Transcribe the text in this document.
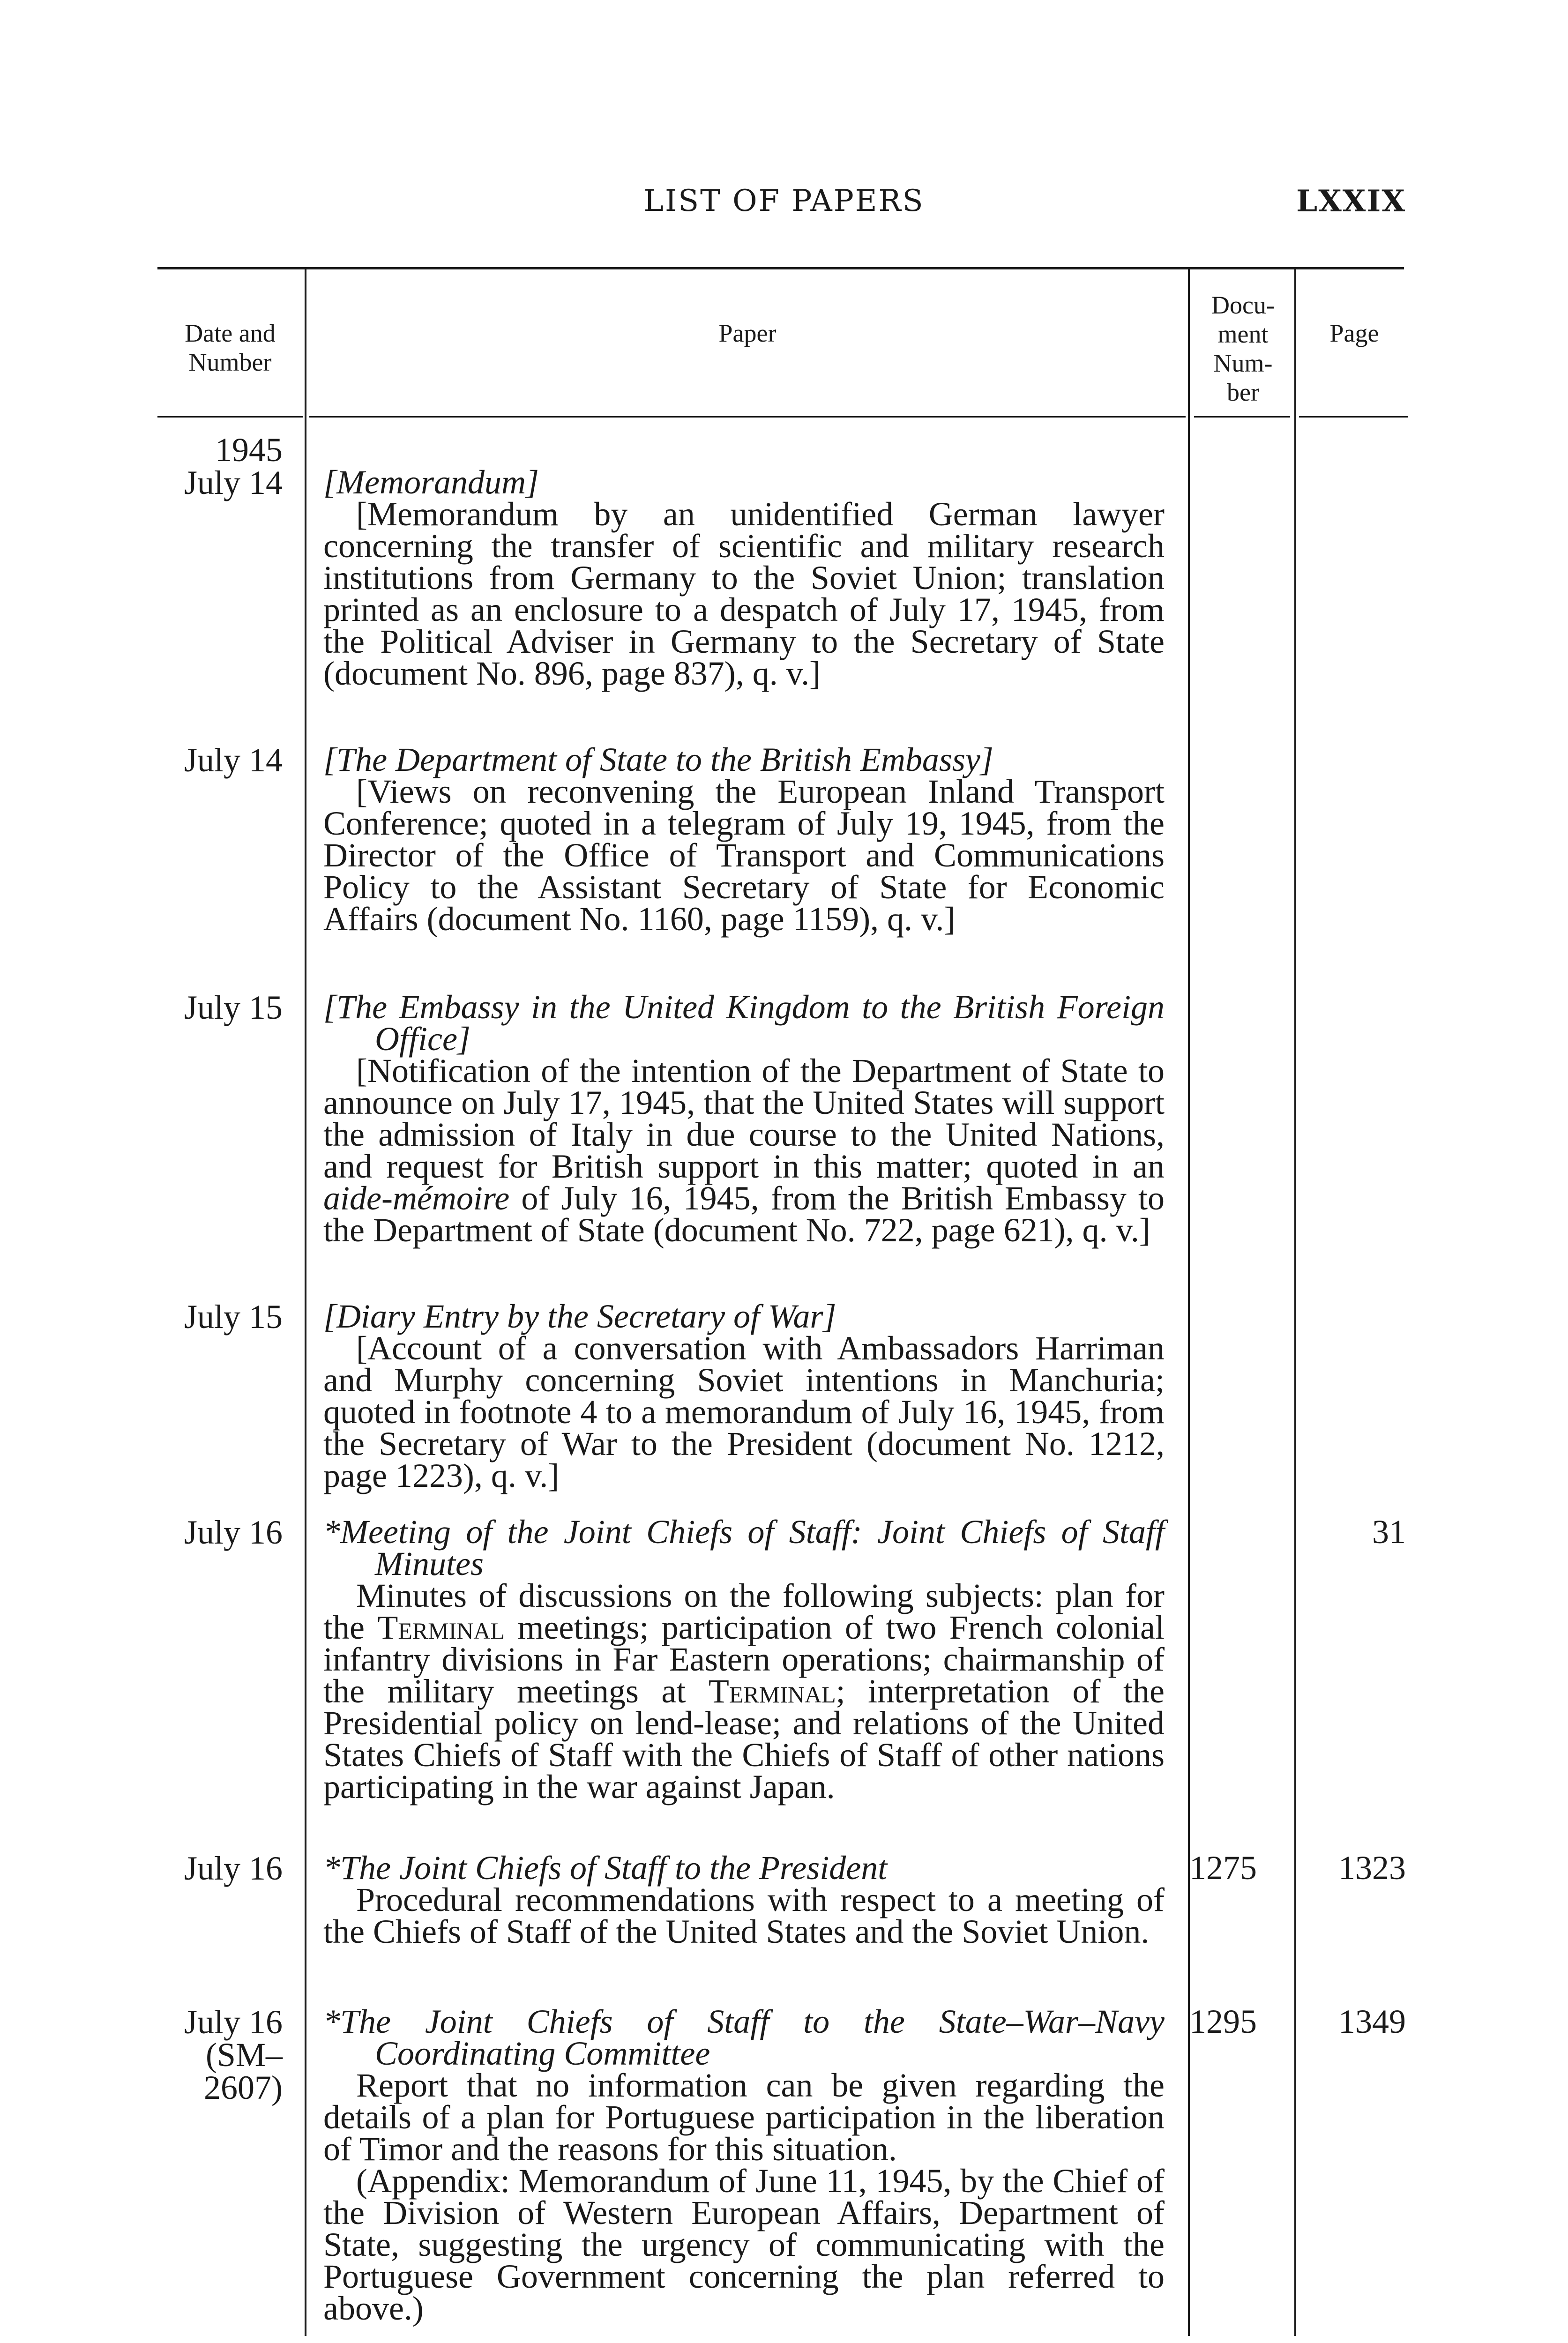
LIST OF PAPERS	LXXIX
Date and
Number
Paper
Docu-
ment
Num-
ber
Page
1945
July 14 [Memorandum]

[Memorandum by an unidentified German lawyer concerning the transfer of scientific and military research institutions from Germany to the Soviet Union; translation printed as an enclosure to a despatch of July 17, 1945, from the Political Adviser in Germany to the Secretary of State (document No. 896, page 837), q. v.]

July 14 [The Department of State to the British Embassy]

[Views on reconvening the European Inland Transport Conference; quoted in a telegram of July 19, 1945, from the Director of the Office of Transport and Communications Policy to the Assistant Secretary of State for Economic Affairs (document No. 1160, page 1159), q. v.]

July 15 [The Embassy in the United Kingdom to the British Foreign Office]

[Notification of the intention of the Department of State to announce on July 17, 1945, that the United States will support the admission of Italy in due course to the United Nations, and request for British support in this matter; quoted in an aide-mémoire of July 16, 1945, from the British Embassy to the Department of State (document No. 722, page 621), q. v.]

July 15 [Diary Entry by the Secretary of War]

[Account of a conversation with Ambassadors Harriman and Murphy concerning Soviet intentions in Manchuria; quoted in footnote 4 to a memorandum of July 16, 1945, from the Secretary of War to the President (document No. 1212, page 1223), q. v.]

July 16 *Meeting of the Joint Chiefs of Staff: Joint Chiefs of Staff Minutes

Minutes of discussions on the following subjects: plan for the Terminal meetings; participation of two French colonial infantry divisions in Far Eastern operations; chairmanship of the military meetings at Terminal; interpretation of the Presidential policy on lend-lease; and relations of the United States Chiefs of Staff with the Chiefs of Staff of other nations participating in the war against Japan.

31
July 16 *The Joint Chiefs of Staff to the President

Procedural recommendations with respect to a meeting of the Chiefs of Staff of the United States and the Soviet Union.

1275 1323
July 16
(SM–
2607)
*The Joint Chiefs of Staff to the State–War–Navy Coordinating Committee

Report that no information can be given regarding the details of a plan for Portuguese participation in the liberation of Timor and the reasons for this situation.

(Appendix: Memorandum of June 11, 1945, by the Chief of the Division of Western European Affairs, Department of State, suggesting the urgency of communicating with the Portuguese Government concerning the plan referred to above.)

1295 1349
